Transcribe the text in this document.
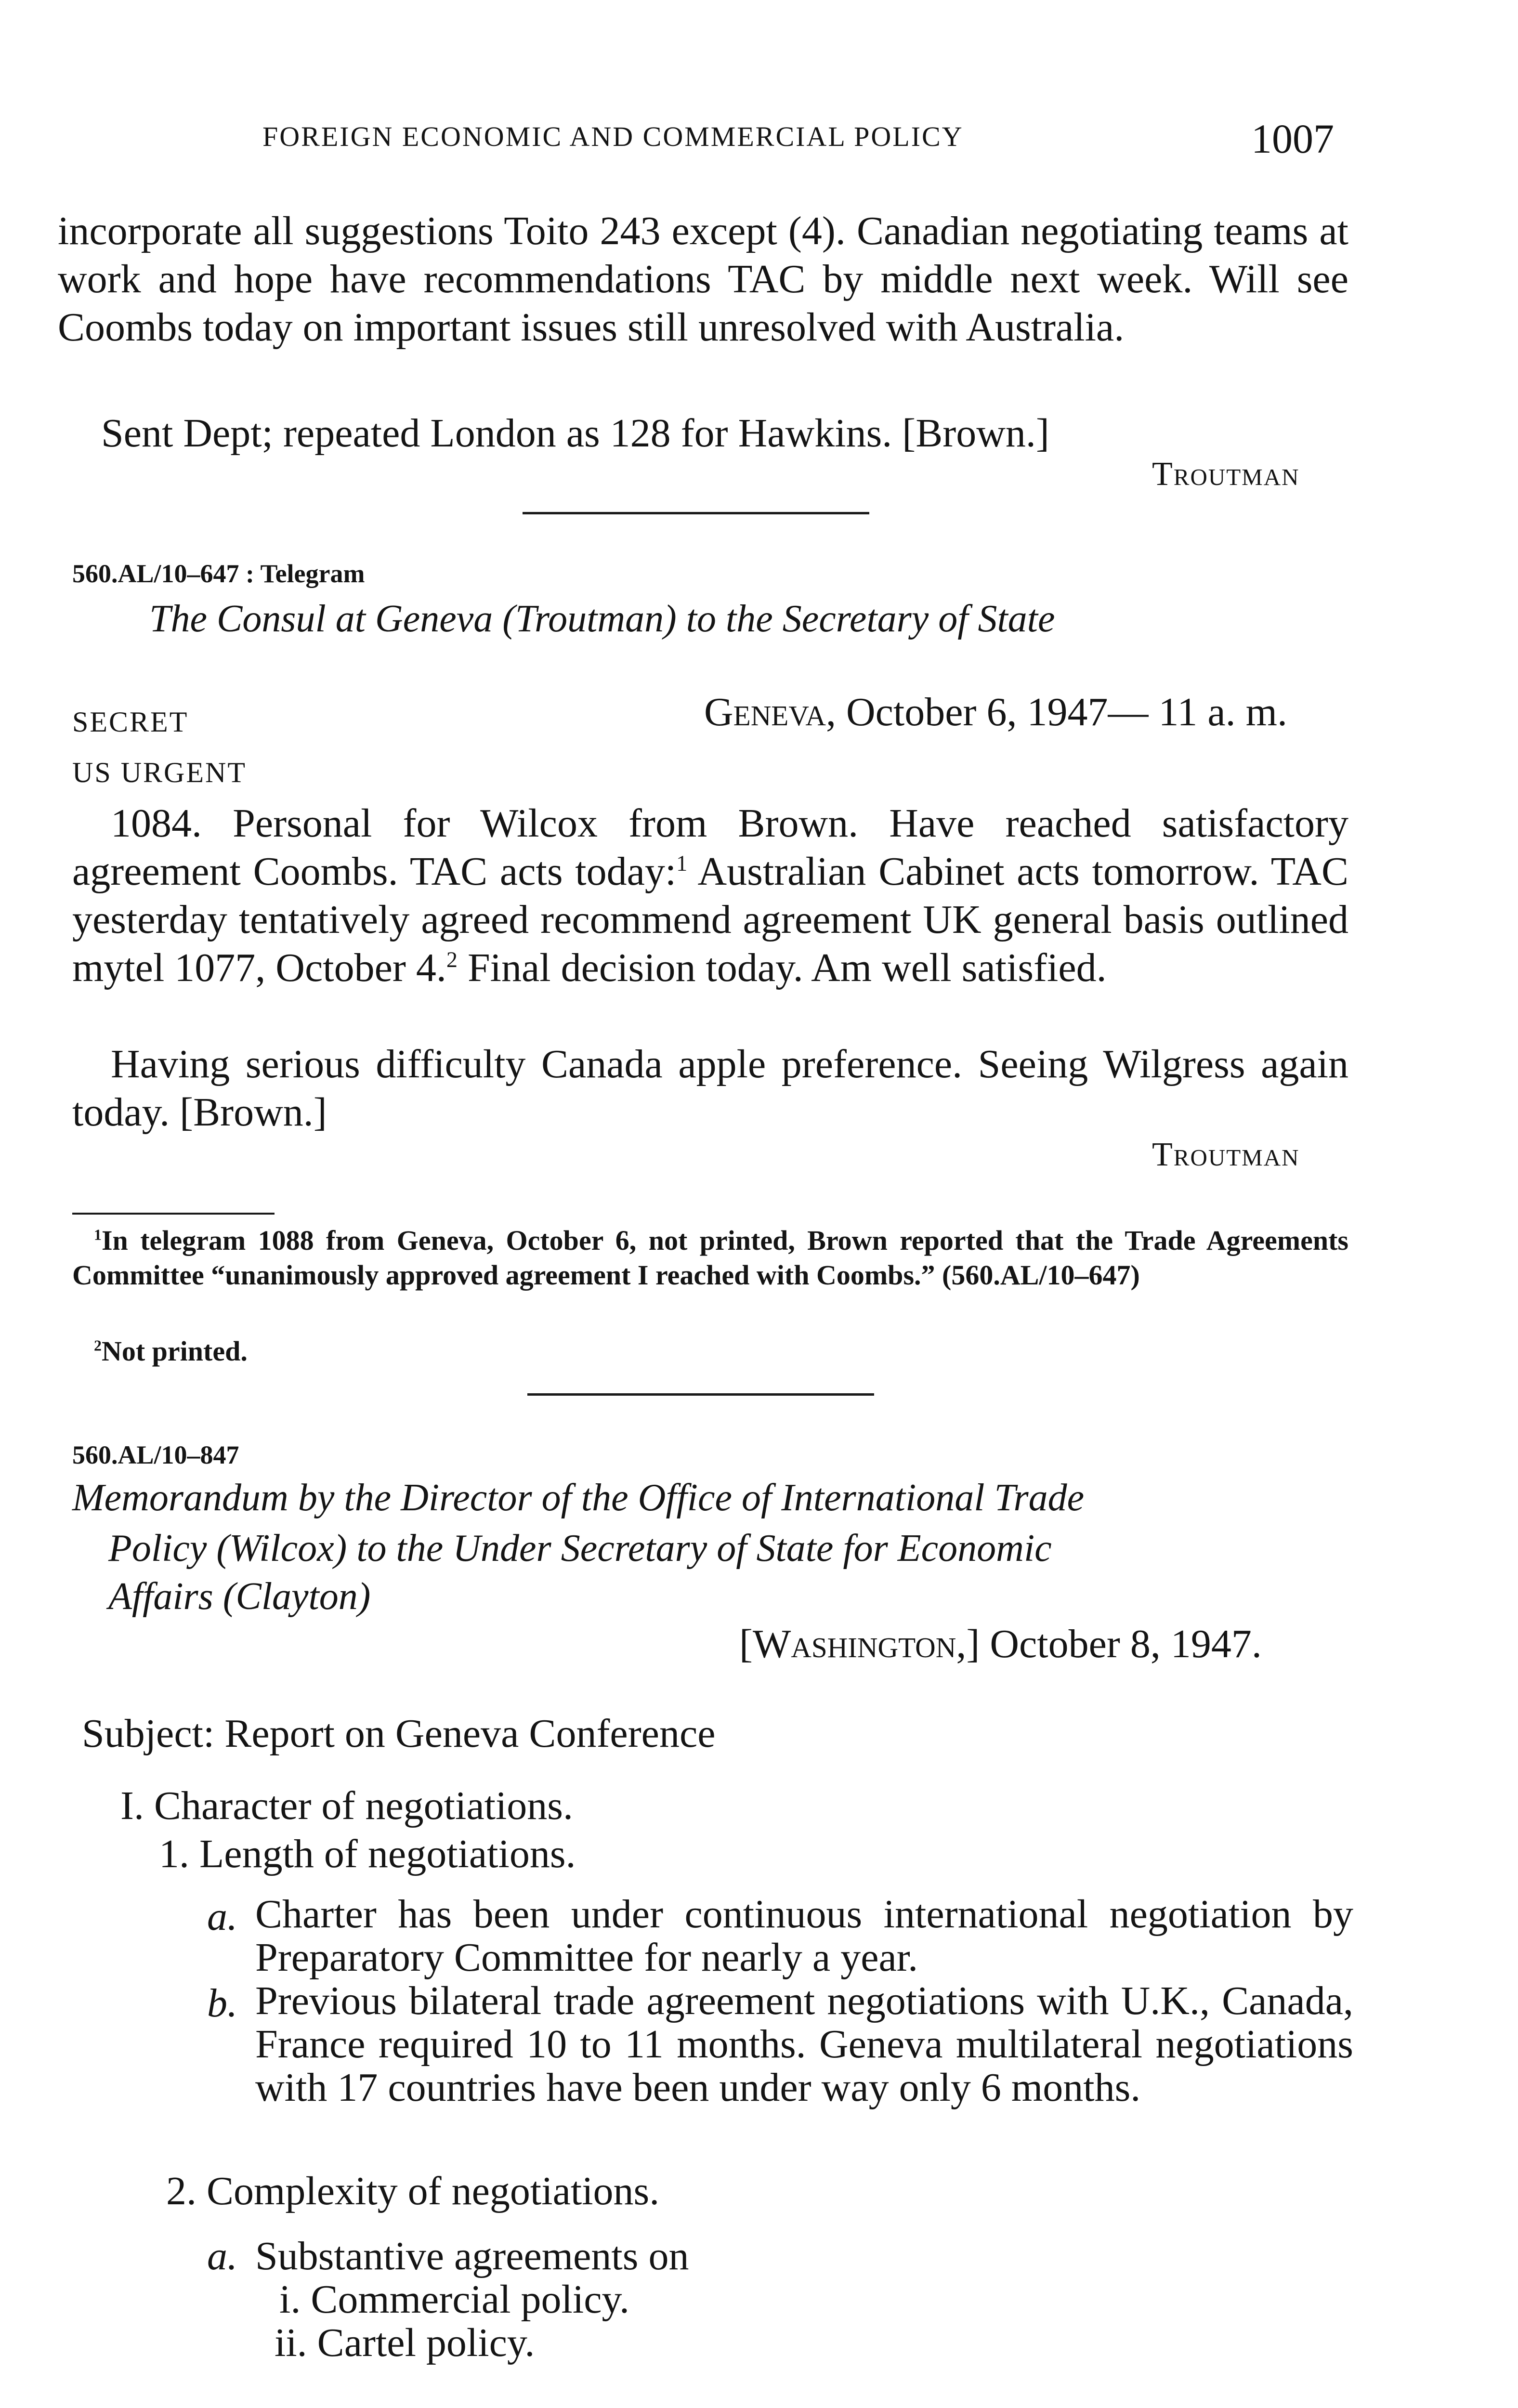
FOREIGN ECONOMIC AND COMMERCIAL POLICY	1007
incorporate all suggestions Toito 243 except (4). Canadian negotiating teams at work and hope have recommendations TAC by middle next week. Will see Coombs today on important issues still unresolved with Australia.
Sent Dept; repeated London as 128 for Hawkins. [Brown.]
Troutman
560.AL/10–647 : Telegram
The Consul at Geneva (Troutman) to the Secretary of State
SECRET	Geneva, October 6, 1947— 11 a. m.
US URGENT
1084. Personal for Wilcox from Brown. Have reached satisfactory agreement Coombs. TAC acts today:$^1$ Australian Cabinet acts tomorrow. TAC yesterday tentatively agreed recommend agreement UK general basis outlined mytel 1077, October 4.$^2$ Final decision today. Am well satisfied.
Having serious difficulty Canada apple preference. Seeing Wilgress again today. [Brown.]
Troutman
$^1$In telegram 1088 from Geneva, October 6, not printed, Brown reported that the Trade Agreements Committee “unanimously approved agreement I reached with Coombs.” (560.AL/10–647)
$^2$Not printed.
560.AL/10–847
Memorandum by the Director of the Office of International Trade
Policy (Wilcox) to the Under Secretary of State for Economic
Affairs (Clayton)
[Washington,] October 8, 1947.
Subject: Report on Geneva Conference
I. Character of negotiations.
1. Length of negotiations.
a. Charter has been under continuous international negotiation by Preparatory Committee for nearly a year.
b. Previous bilateral trade agreement negotiations with U.K., Canada, France required 10 to 11 months. Geneva multilateral negotiations with 17 countries have been under way only 6 months.
2. Complexity of negotiations.
a. Substantive agreements on
i. Commercial policy.
ii. Cartel policy.
